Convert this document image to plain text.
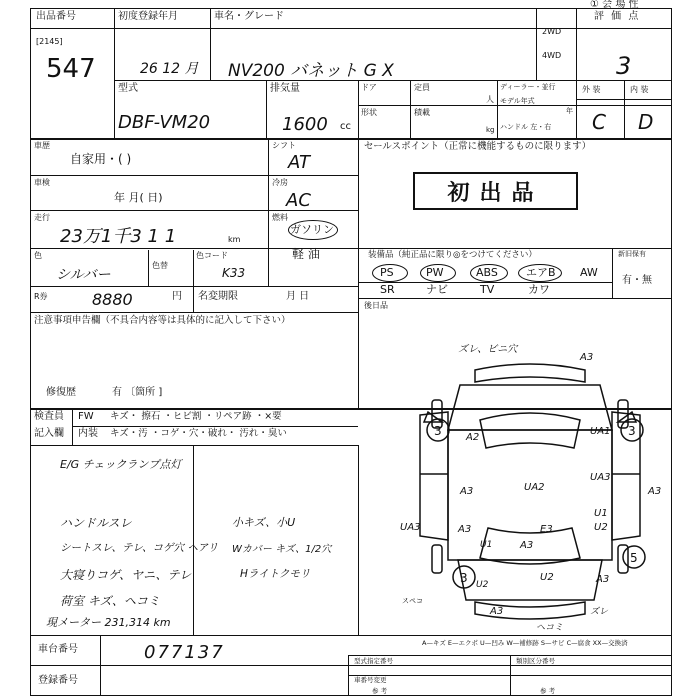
① 会 場 性
出品番号
[2145]
547
初度登録年月
26 12 月
車名・グレード
NV200 バネット G X
2WD
4WD
評 価 点
3
型式
DBF-VM20
排気量
1600 cc
ドア	定員
人
形状	積載
kg
ディーラー・並行
モデル年式
年
ハンドル 左・右
外 装	内 装
C D
車歴
自家用・( )
車検
年 月( 日)
走行
23万1千3 1 1	km
色
シルバー
色替
色コード
K33
R券	8880	円 名変期限	月 日
シフト
AT
冷房
AC
燃料
ガソリン
軽 油
セールスポイント（正常に機能するものに限ります）
初出品
装備品（純正品に限り◎をつけてください）	新旧保有
有・無
PS	PW	ABS	エアB AW
SR	ナビ	TV	カワ
後日品
注意事項申告欄（不具合内容等は具体的に記入して下さい）
修復歴	有 〔箇所 ]
検査員
記入欄
FW
内装
キズ・ 擦石 ・ヒビ割 ・リペア跡 ・×要
キズ・汚 ・コゲ・穴・破れ・ 汚れ・臭い
E/G チェックランプ点灯
ハンドルスレ
シートスレ、テレ、コゲ穴 ヘアリ
大寝りコゲ、ヤニ、テレ
荷室 キズ、ヘコミ
現メーター 231,314 km
小キズ、小U
Wカバー キズ、1/2穴
Hライトクモリ
ズレ、ビニ穴
A3
3	3
5
3
A2
UA1
UA2
A3
UA3
A3
UA3
U1
U2
A3	E3
A3
U1
U2
U2	A3
A3
ヘコミ
ズレ
スペコ
A—キズ E—エクボ U—凹み W—補修跡 S—サビ C—腐食 XX—交換済
車台番号	077137
登録番号
型式指定番号	類別区分番号
車番号変更
参 考	参 考
